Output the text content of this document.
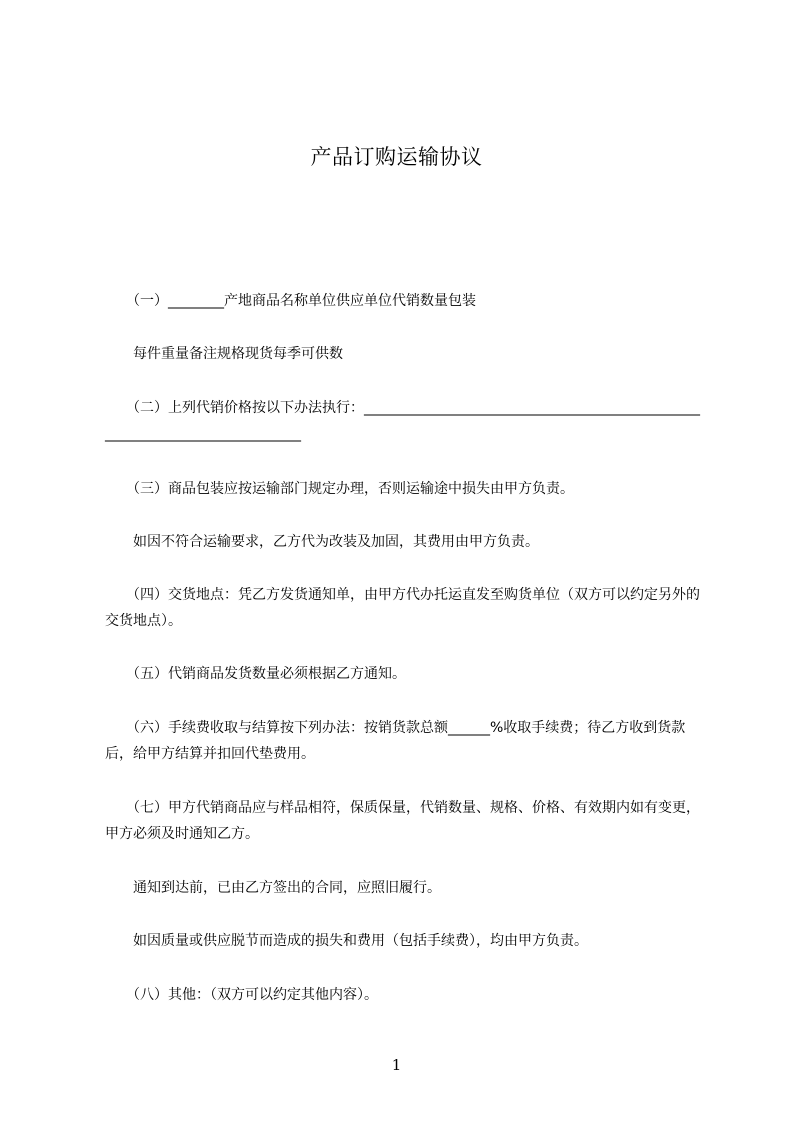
产品订购运输协议
　　（一）________产地商品名称单位供应单位代销数量包装
　　每件重量备注规格现货每季可供数
　　（二）上列代销价格按以下办法执行：____________________________________________________________________________
　　（三）商品包装应按运输部门规定办理，否则运输途中损失由甲方负责。
　　如因不符合运输要求，乙方代为改装及加固，其费用由甲方负责。
　　（四）交货地点：凭乙方发货通知单，由甲方代办托运直发至购货单位（双方可以约定另外的交货地点）。
　　（五）代销商品发货数量必须根据乙方通知。
　　（六）手续费收取与结算按下列办法：按销货款总额______%收取手续费；待乙方收到货款后，给甲方结算并扣回代垫费用。
　　（七）甲方代销商品应与样品相符，保质保量，代销数量、规格、价格、有效期内如有变更，甲方必须及时通知乙方。
　　通知到达前，已由乙方签出的合同，应照旧履行。
　　如因质量或供应脱节而造成的损失和费用（包括手续费），均由甲方负责。
　　（八）其他：（双方可以约定其他内容）。
1
